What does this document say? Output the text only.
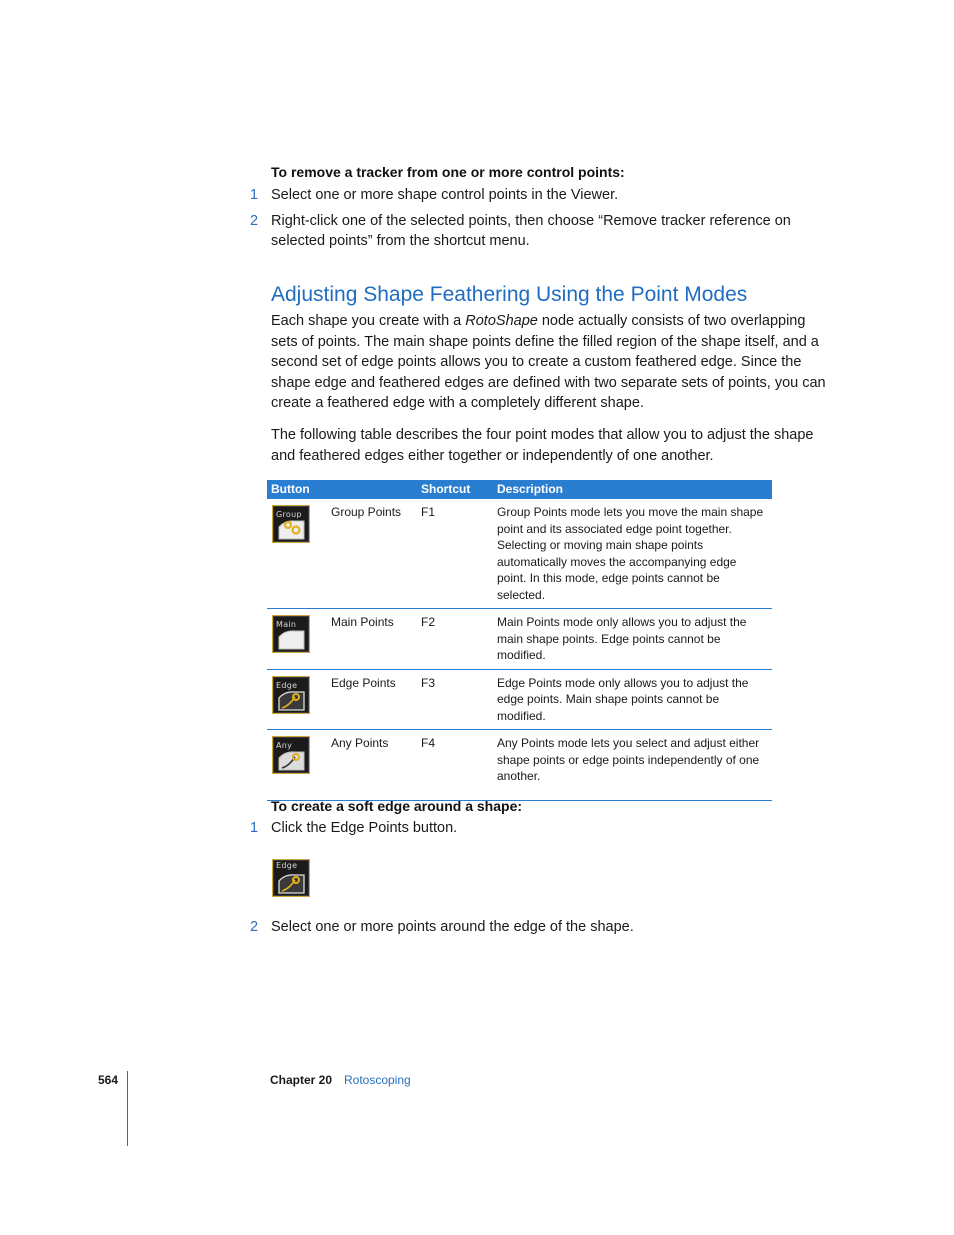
To remove a tracker from one or more control points:
1 Select one or more shape control points in the Viewer.
2 Right-click one of the selected points, then choose “Remove tracker reference on selected points” from the shortcut menu.
Adjusting Shape Feathering Using the Point Modes
Each shape you create with a RotoShape node actually consists of two overlapping sets of points. The main shape points define the filled region of the shape itself, and a second set of edge points allows you to create a custom feathered edge. Since the shape edge and feathered edges are defined with two separate sets of points, you can create a feathered edge with a completely different shape.
The following table describes the four point modes that allow you to adjust the shape and feathered edges either together or independently of one another.
Button		Shortcut	Description

Group	Group Points	F1	Group Points mode lets you move the main shape point and its associated edge point together. Selecting or moving main shape points automatically moves the accompanying edge point. In this mode, edge points cannot be selected.

Main	Main Points	F2	Main Points mode only allows you to adjust the main shape points. Edge points cannot be modified.

Edge	Edge Points	F3	Edge Points mode only allows you to adjust the edge points. Main shape points cannot be modified.

Any	Any Points	F4	Any Points mode lets you select and adjust either shape points or edge points independently of one another.
To create a soft edge around a shape:
1 Click the Edge Points button.
Edge
2 Select one or more points around the edge of the shape.
564	Chapter 20 Rotoscoping
